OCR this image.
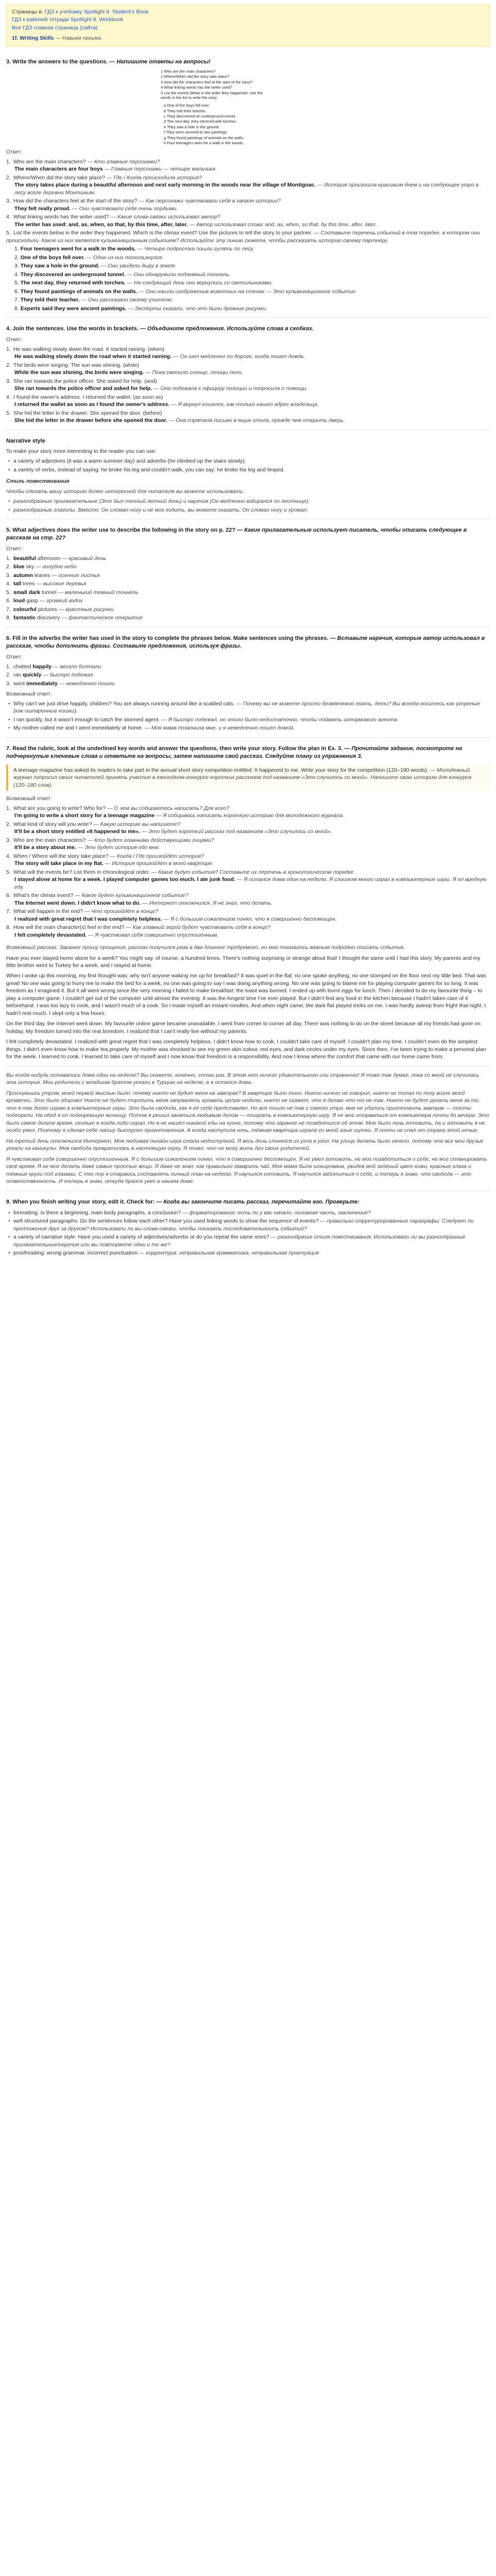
Страницы в: ГДЗ к учебнику Spotlight 8. Student's Book
ГДЗ к рабочей тетради Spotlight 8. Workbook
Все ГДЗ главная страница (сайта)
1f. Writing Skills — Навыки письма
3. Write the answers to the questions. — Напишите ответы на вопросы!
1 Who are the main characters?
2 Where/When did the story take place?
3 How did the characters feel at the start of the story?
4 What linking words has the writer used?
5 List the events below in the order they happened. Use the words in the list to write the story.
a One of the boys fell over.
b They told their teacher.
c They discovered an underground tunnel.
d The next day, they returned with torches.
e They saw a hole in the ground.
f They were stunned to see paintings.
g They found paintings of animals on the walls.
h Four teenagers went for a walk in the woods.
Ответ:
1. Who are the main characters? — Кто главные персонажи?
The main characters are four boys — Главные персонажи — четыре мальчика
2. Where/When did the story take place? — Где / Когда происходила история?
The story takes place during a beautiful afternoon and next early morning in the woods near the village of Montignac. — История произошла красивым днем и на следующее утро в лесу возле деревни Монтиньяк.
3. How did the characters feel at the start of the story? — Как персонажи чувствовали себя в начале истории?
They felt really proud. — Они чувствовали себя очень гордыми.
4. What linking words has the writer used? — Какие слова-связки использовал автор?
The writer has used: and, as, when, so that, by this time, after, later. — Автор использовал слова: and, as, when, so that, by this time, after, later.
5. List the events below in the order they happened. Which is the climax event? Use the pictures to tell the story to your partner. — Составьте перечень событий в том порядке, в котором они происходили. Какое из них является кульминационным событием? Используйте эту линию сюжета, чтобы рассказать историю своему партнеру.
1. Four teenagers went for a walk in the woods. — Четыре подростка пошли гулять по лесу.
2. One of the boys fell over. — Один из них поскользнулся.
3. They saw a hole in the ground. — Они увидели дыру в земле.
4. They discovered an underground tunnel. — Они обнаружили подземный тоннель.
5. The next day, they returned with torches. — На следующий день они вернулись со светильниками.
6. They found paintings of animals on the walls. — Они нашли изображения животных на стенах — Это кульминационное событие.
7. They told their teacher. — Они рассказали своему учителю.
8. Experts said they were ancient paintings. — Эксперты сказали, что это были древние рисунки.
4. Join the sentences. Use the words in brackets. — Объедините предложения. Используйте слова в скобках.
Ответ:
1. He was walking slowly down the road. It started raining. (when)
He was walking slowly down the road when it started raining. — Он шел медленно по дороге, когда пошел дождь.
2. The birds were singing. The sun was shining. (while)
While the sun was shining, the birds were singing. — Пока светило солнце, птицы пели.
3. She ran towards the police officer. She asked for help. (and)
She ran towards the police officer and asked for help. — Она побежала к офицеру полиции и попросила о помощи.
4. I found the owner's address. I returned the wallet. (as soon as)
I returned the wallet as soon as I found the owner's address. — Я вернул кошелек, как только нашел адрес владельца.
5. She hid the letter in the drawer. She opened the door. (before)
She hid the letter in the drawer before she opened the door. — Она спрятала письмо в ящик стола, прежде чем открыть дверь.
Narrative style
To make your story more interesting to the reader you can use:
• a variety of adjectives (it was a warm summer day) and adverbs (he climbed up the stairs slowly).
• a variety of verbs, instead of saying: he broke his leg and couldn't walk, you can say: he broke his leg and limped.
Стиль повествования
Чтобы сделать вашу историю более интересной для читателя вы можете использовать:
• разнообразные прилагательные (Это был теплый летний день) и наречия (Он медленно взбирался по лестнице).
• разнообразные глаголы. Вместо: Он сломал ногу и не мог ходить, вы можете сказать: Он сломал ногу и хромал.
5. What adjectives does the writer use to describe the following in the story on p. 22? — Какие прилагательные использует писатель, чтобы описать следующее в рассказе на стр. 22?
Ответ:
1. beautiful afternoon — красивый день
2. blue sky — голубое небо
3. autumn leaves — осенние листья
4. tall trees — высокие деревья
5. small dark tunnel — маленький темный тоннель
6. loud gasp — громкий вздох
7. colourful pictures — красочные рисунки
8. fantastic discovery — фантастическое открытие
6. Fill in the adverbs the writer has used in the story to complete the phrases below. Make sentences using the phrases. — Вставьте наречия, которые автор использовал в рассказе, чтобы дополнить фразы. Составьте предложения, используя фразы.
Ответ:
1. chatted happily — весело болтали
2. ran quickly — быстро побежал
3. went immediately — немедленно пошли
Возможный ответ:
• Why can't we just drive happily, children? You are always running around like a scalded cats. — Почему вы не можете просто безмятежно ехать, дети? Вы всегда носитесь как угорелые (как ошпаренные кошки).
• I ran quickly, but it wasn't enough to catch the stormed agent. — Я быстро побежал, но этого было недостаточно, чтобы поймать штормового агента.
• My mother called me and I went immediately at home. — Моя мама позвонила мне, и я немедленно пошел домой.
7. Read the rubric, look at the underlined key words and answer the questions, then write your story. Follow the plan in Ex. 3. — Прочитайте задание, посмотрите на подчеркнутые ключевые слова и ответьте на вопросы, затем напишите свой рассказ. Следуйте плану из упражнения 3.
A teenage magazine has asked its readers to take part in the annual short story competition entitled: It happened to me. Write your story for the competition (120–180 words). — Молодежный журнал попросил своих читателей принять участие в ежегодном конкурсе коротких рассказов под названием «Это случилось со мной». Напишите свою историю для конкурса (120–180 слов).
Возможный ответ:
1. What are you going to write? Who for? — О чем вы собираетесь написать? Для кого?
I'm going to write a short story for a teenage magazine — Я собираюсь написать короткую историю для молодежного журнала.
2. What kind of story will you write? — Какую историю вы напишете?
It'll be a short story entitled «It happened to me». — Это будет короткий рассказ под названием «Это случилось со мной».
3. Who are the main characters? — Кто будет главными действующими лицами?
It'll be a story about me. — Это будет история обо мне.
4. When / Where will the story take place? — Когда / Где произойдёт история?
The story will take place in my flat. — История произойдёт в моей квартире.
5. What will the events be? List them in chronological order. — Какие будут события? Составьте их перечень в хронологическом порядке.
I stayed alone at home for a week. I played computer games too much. I ate junk food. — Я остался дома один на неделю. Я слишком много играл в компьютерные игры. Я ел вредную еду.
6. What's the climax event? — Какое будет кульминационное событие?
The Internet went down. I didn't know what to do. — Интернет отключился. Я не знал, что делать.
7. What will happen in the end? — Что произойдёт в конце?
I realized with great regret that I was completely helpless. — Я с большим сожалением понял, что я совершенно беспомощен.
8. How will the main character(s) feel in the end? — Как главный герой будет чувствовать себя в конце?
I felt completely devastated. — Я чувствовал себя совершенно опустошенным.
Возможный рассказ. Заранее прошу прощения, рассказ получился раза в два длиннее требуемого, но мне показалось важным подробно описать события.
Have you ever stayed home alone for a week? You might say, of course, a hundred times. There's nothing surprising or strange about that! I thought the same until I had this story. My parents and my little brother went to Turkey for a week, and I stayed at home.
When I woke up this morning, my first thought was: why isn't anyone waking me up for breakfast? It was quiet in the flat: no one spoke anything, no one stomped on the floor next my little bed. That was great! No one was going to hurry me to make the bed for a week, no one was going to say I was doing anything wrong. No one was going to blame me for playing computer games for so long. It was freedom as I imagined it. But it all went wrong since the very morning I failed to make breakfast: the toast was burned. I ended up with burnt eggs for lunch. Then I decided to do my favourite thing – to play a computer game. I couldn't get out of the computer until almost the evening. It was the longest time I've ever played. But I didn't find any food in the kitchen because I hadn't taken care of it beforehand. I was too lazy to cook, and I wasn't much of a cook. So I made myself an instant noodles. And when night came, the dark flat played tricks on me. I was hardly asleep from fright that night. I hadn't rest much. I slept only a few hours.
On the third day, the Internet went down. My favourite online game became unavailable. I went from corner to corner all day. There was nothing to do on the street because all my friends had gone on holiday. My freedom turned into the real boredom. I realized that I can't really live without my parents.
I felt completely devastated. I realized with great regret that I was completely helpless. I didn't know how to cook, I couldn't take care of myself. I couldn't plan my time. I couldn't even do the simplest things. I didn't even know how to make tea properly. My mother was shocked to see my green skin colour, red eyes, and dark circles under my eyes. Since then, I've been trying to make a personal plan for the week. I learned to cook. I learned to take care of myself and I now know that freedom is a responsibility. And now I know where the comfort that came with our home came from.
Вы когда-нибудь оставались дома одни на неделю? Вы скажете, конечно, сотни раз. В этом нет ничего удивительного или странного! Я тоже так думал, пока со мной не случилась эта история. Мои родители с младшим братом уехали в Турцию на неделю, а я остался дома.
Проснувшись утром, моей первой мыслью было: почему никто не будит меня на завтрак? В квартире было тихо. Никто ничего не говорил, никто не топал по полу возле моей кроватки. Это было здорово! Никто не будет торопить меня заправлять кровать целую неделю, никто не скажет, что я делаю что-то не так. Никто не будет ругать меня за то, что я так долго играю в компьютерные игры. Это была свобода, как я её себе представлял. Но всё пошло не так с самого утра: мне не удалось приготовить завтрак — тосты подгорели. На обед я ел подгоревшую яичницу. Потом я решил заняться любимым делом — поиграть в компьютерную игру. Я не мог оторваться от компьютера почти до вечера. Это было самое долгое время, сколько я когда-либо играл. Но я не нашёл никакой еды на кухне, потому что заранее не позаботился об этом. Мне было лень готовить, да и готовить я не особо умел. Поэтому я сделал себе лапшу быстрого приготовления. А когда наступила ночь, тёмная квартира играла со мной злые шутки. Я почти не спал от страха этой ночью.
На третий день отключился Интернет. Моя любимая онлайн-игра стала недоступной. Я весь день слонялся из угла в угол. На улице делать было нечего, потому что все мои друзья уехали на каникулы. Моя свобода превратилась в настоящую скуку. Я понял, что не могу жить без своих родителей.
Я чувствовал себя совершенно опустошенным. Я с большим сожалением понял, что я совершенно беспомощен. Я не умел готовить, не мог позаботиться о себе, не мог спланировать своё время. Я не мог делать даже самые простые вещи. Я даже не знал, как правильно заварить чай. Моя мама была шокирована, увидев мой зелёный цвет кожи, красные глаза и тёмные круги под глазами. С тех пор я стараюсь составлять личный план на неделю. Я научился готовить. Я научился заботиться о себе, и теперь я знаю, что свобода — это ответственность. И теперь я знаю, откуда брался уют в нашем доме.
8. When you finish writing your story, edit it. Check for: — Когда вы закончите писать рассказ, перечитайте его. Проверьте:
• formatting: Is there a beginning, main body paragraphs, a conclusion? — форматирование: есть ли у вас начало, основная часть, заключение?
• well structured paragraphs: Do the sentences follow each other? Have you used linking words to show the sequence of events? — правильно структурированные параграфы: Следуют ли предложения друг за другом? Использовали ли вы слова-связки, чтобы показать последовательность событий?
• a variety of narrative style: Have you used a variety of adjectives/adverbs or do you repeat the same ones? — разнообразие стиля повествования: Использовали ли вы разнообразные прилагательные/наречия или вы повторяете одни и те же?
• proofreading: wrong grammar, incorrect punctuation — корректура: неправильная грамматика, неправильная пунктуация
